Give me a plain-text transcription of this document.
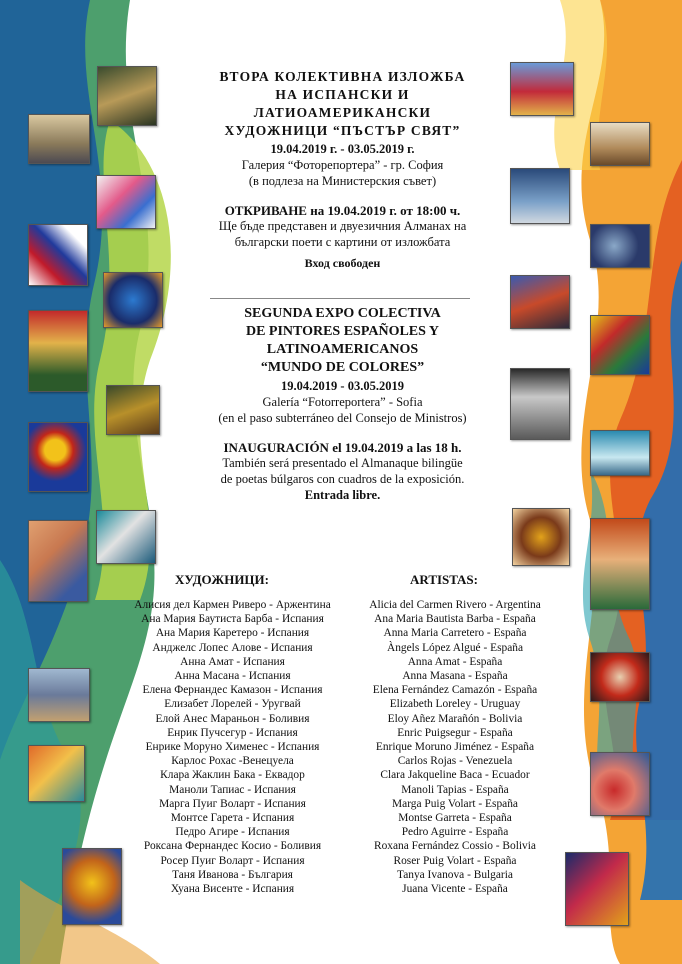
ВТОРА КОЛЕКТИВНА ИЗЛОЖБА
НА ИСПАНСКИ И
ЛАТИОАМЕРИКАНСКИ
ХУДОЖНИЦИ “ПЪСТЪР СВЯТ”
19.04.2019 г. - 03.05.2019 г.
Галерия “Фоторепортера” - гр. София
(в подлеза на Министерския съвет)
ОТКРИВАНЕ на 19.04.2019 г. от 18:00 ч.
Ще бъде представен и двуезичния Алманах на
български поети с картини от изложбата
Вход свободен
SEGUNDA EXPO COLECTIVA
DE PINTORES ESPAÑOLES Y
LATINOAMERICANOS
“MUNDO DE COLORES”
19.04.2019 - 03.05.2019
Galería “Fotorreportera” - Sofia
(en el paso subterráneo del Consejo de Ministros)
INAUGURACIÓN el 19.04.2019 a las 18 h.
También será presentado el Almanaque bilingüe
de poetas búlgaros con cuadros de la exposición.
Entrada libre.
ХУДОЖНИЦИ:	ARTISTAS:
Алисия дел Кармен Риверо - Аржентина
Ана Мария Баутиста Барба - Испания
Ана Мария Каретеро - Испания
Анджелс Лопес Алове - Испания
Анна Амат - Испания
Анна Масана - Испания
Елена Фернандес Камазон - Испания
Елизабет Лорелей - Уругвай
Елой Анес Мараньон - Боливия
Енрик Пучсегур - Испания
Енрике Моруно Хименес - Испания
Карлос Рохас -Венецуела
Клара Жаклин Бака - Еквадор
Маноли Тапиас - Испания
Марга Пуиг Воларт - Испания
Монтсе Гарета - Испания
Педро Агире - Испания
Роксана Фернандес Косио - Боливия
Росер Пуиг Воларт - Испания
Таня Иванова - България
Хуана Висенте - Испания
Alicia del Carmen Rivero - Argentina
Ana Maria Bautista Barba - España
Anna Maria Carretero - España
Àngels López Algué - España
Anna Amat - España
Anna Masana - España
Elena Fernández Camazón - España
Elizabeth Loreley - Uruguay
Eloy Añez Marañón - Bolivia
Enric Puigsegur - España
Enrique Moruno Jiménez - España
Carlos Rojas - Venezuela
Clara Jakqueline Baca - Ecuador
Manoli Tapias - España
Marga Puig Volart - España
Montse Garreta - España
Pedro Aguirre - España
Roxana Fernández Cossio - Bolivia
Roser Puig Volart - España
Tanya Ivanova - Bulgaria
Juana Vicente - España
